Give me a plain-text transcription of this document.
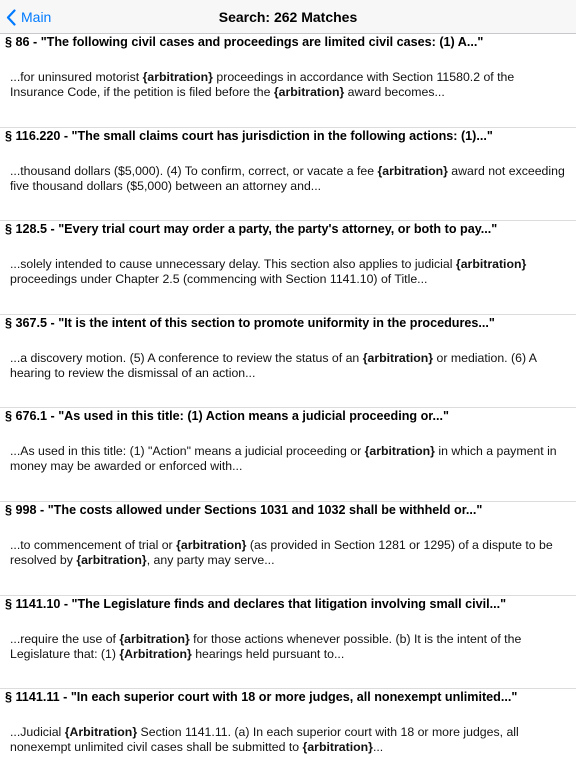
Main	Search: 262 Matches
§ 86 - "The following civil cases and proceedings are limited civil cases: (1) A..."
...for uninsured motorist {arbitration} proceedings in accordance with Section 11580.2 of the Insurance Code, if the petition is filed before the {arbitration} award becomes...
§ 116.220 - "The small claims court has jurisdiction in the following actions: (1)..."
...thousand dollars ($5,000). (4) To confirm, correct, or vacate a fee {arbitration} award not exceeding five thousand dollars ($5,000) between an attorney and...
§ 128.5 - "Every trial court may order a party, the party's attorney, or both to pay..."
...solely intended to cause unnecessary delay. This section also applies to judicial {arbitration} proceedings under Chapter 2.5 (commencing with Section 1141.10) of Title...
§ 367.5 - "It is the intent of this section to promote uniformity in the procedures..."
...a discovery motion. (5) A conference to review the status of an {arbitration} or mediation. (6) A hearing to review the dismissal of an action...
§ 676.1 - "As used in this title: (1) Action means a judicial proceeding or..."
...As used in this title: (1) "Action" means a judicial proceeding or {arbitration} in which a payment in money may be awarded or enforced with...
§ 998 - "The costs allowed under Sections 1031 and 1032 shall be withheld or..."
...to commencement of trial or {arbitration} (as provided in Section 1281 or 1295) of a dispute to be resolved by {arbitration}, any party may serve...
§ 1141.10 - "The Legislature finds and declares that litigation involving small civil..."
...require the use of {arbitration} for those actions whenever possible. (b) It is the intent of the Legislature that: (1) {Arbitration} hearings held pursuant to...
§ 1141.11 - "In each superior court with 18 or more judges, all nonexempt unlimited..."
...Judicial {Arbitration} Section 1141.11. (a) In each superior court with 18 or more judges, all nonexempt unlimited civil cases shall be submitted to {arbitration}...
